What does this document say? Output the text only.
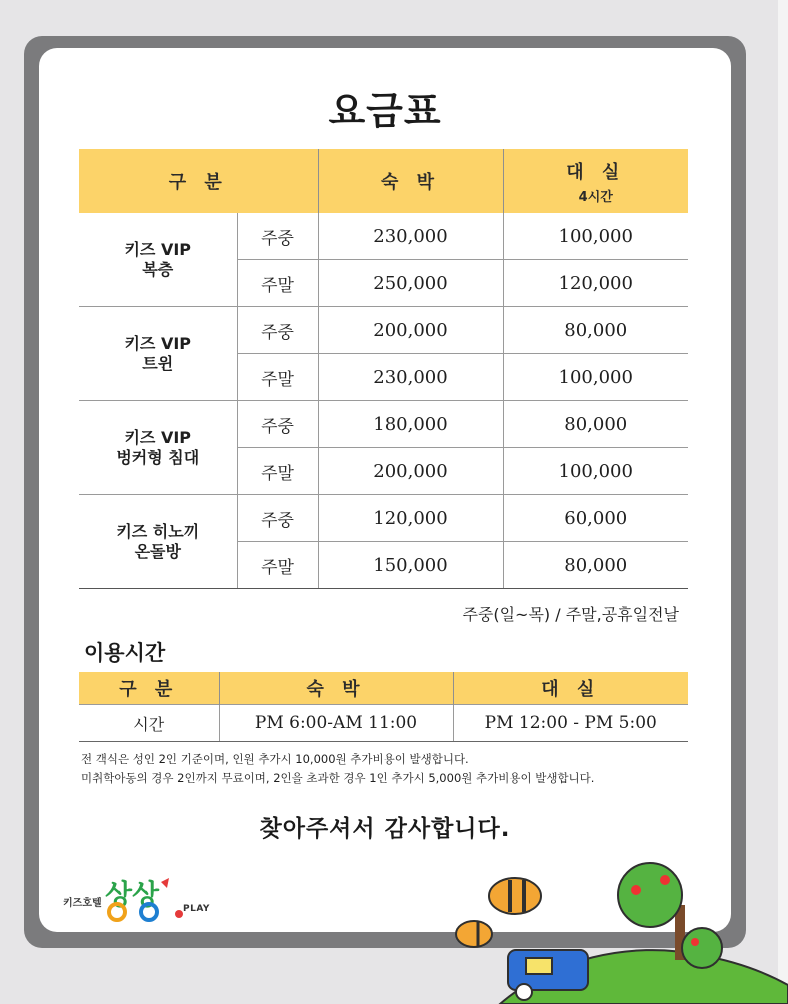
요금표
구 분		숙 박	대 실
4시간

키즈 VIP
복층	주중	230,000	100,000
	주말	250,000	120,000
키즈 VIP
트윈	주중	200,000	80,000
	주말	230,000	100,000
키즈 VIP
벙커형 침대	주중	180,000	80,000
	주말	200,000	100,000
키즈 히노끼
온돌방	주중	120,000	60,000
	주말	150,000	80,000
주중(일~목) / 주말,공휴일전날
이용시간
구 분	숙 박	대 실
시간	PM 6:00-AM 11:00	PM 12:00 - PM 5:00
전 객식은 성인 2인 기준이며, 인원 추가시 10,000원 추가비용이 발생합니다.
미취학아동의 경우 2인까지 무료이며, 2인을 초과한 경우 1인 추가시 5,000원 추가비용이 발생합니다.
찾아주셔서 감사합니다.
키즈호텔 상상	PLAY
